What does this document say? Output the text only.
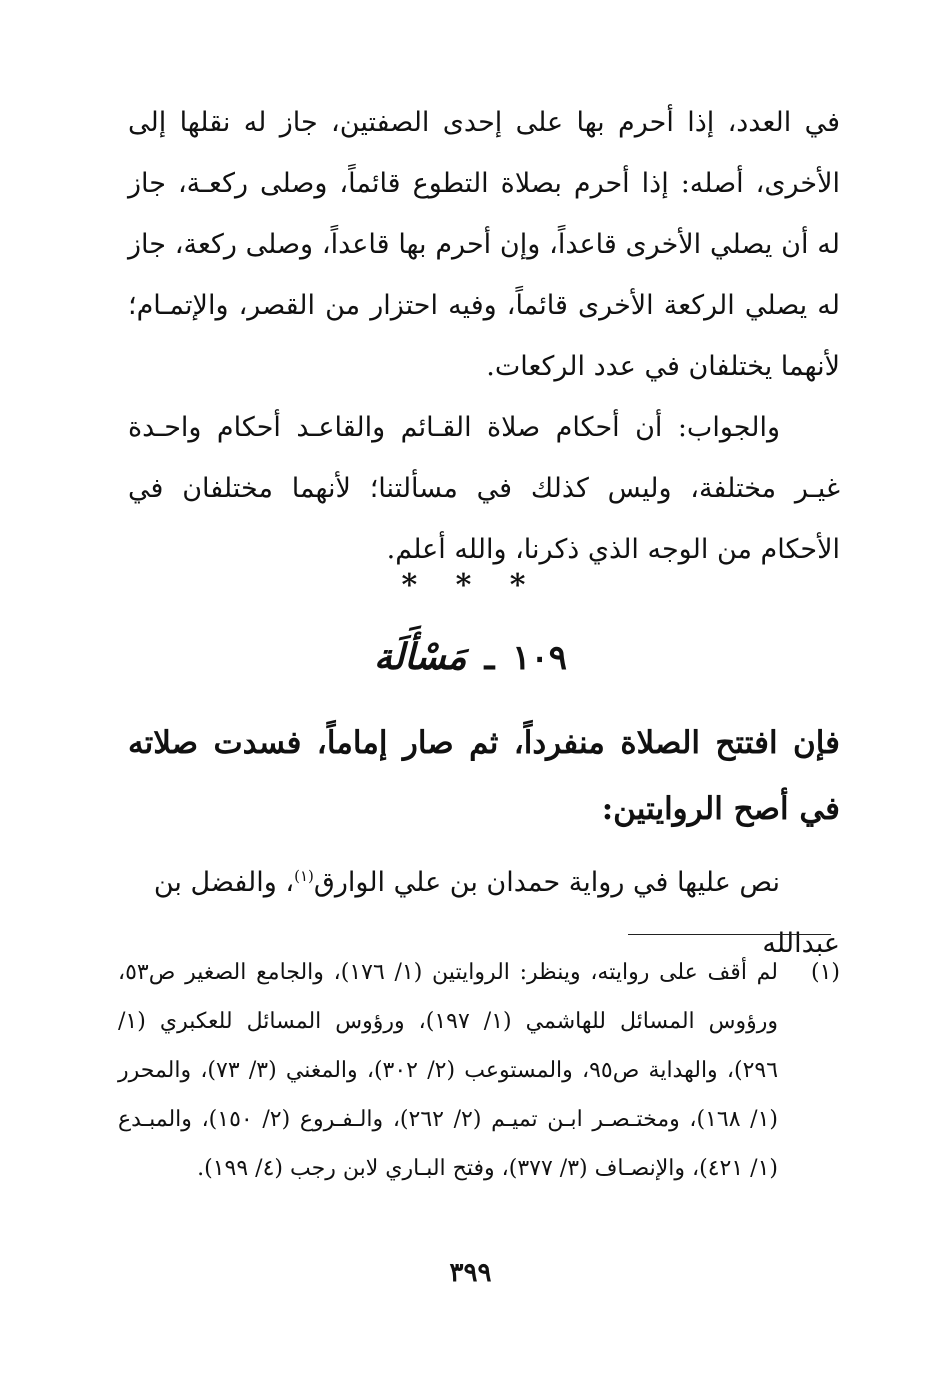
في العدد، إذا أحرم بها على إحدى الصفتين، جاز له نقلها إلى الأخرى، أصله: إذا أحرم بصلاة التطوع قائماً، وصلى ركعـة، جاز له أن يصلي الأخرى قاعداً، وإن أحرم بها قاعداً، وصلى ركعة، جاز له يصلي الركعة الأخرى قائماً، وفيه احتزار من القصر، والإتمـام؛ لأنهما يختلفان في عدد الركعات.

والجواب: أن أحكام صلاة القـائم والقاعـد أحكام واحـدة غيـر مختلفة، وليس كذلك في مسألتنا؛ لأنهما مختلفان في الأحكام من الوجه الذي ذكرنا، والله أعلم.

* * *
١٠٩ ـ مَسْأَلَة

فإن افتتح الصلاة منفرداً، ثم صار إماماً، فسدت صلاته في أصح الروايتين:

نص عليها في رواية حمدان بن علي الوارق$^{(١)}$، والفضل بن عبدالله

(١)
لم أقف على روايته، وينظر: الروايتين (١/ ١٧٦)، والجامع الصغير ص٥٣، ورؤوس المسائل للهاشمي (١/ ١٩٧)، ورؤوس المسائل للعكبري (١/ ٢٩٦)، والهداية ص٩٥، والمستوعب (٢/ ٣٠٢)، والمغني (٣/ ٧٣)، والمحرر (١/ ١٦٨)، ومختـصـر ابـن تميـم (٢/ ٢٦٢)، والـفـروع (٢/ ١٥٠)، والمبـدع (١/ ٤٢١)، والإنصـاف (٣/ ٣٧٧)، وفتح البـاري لابن رجب (٤/ ١٩٩).
٣٩٩
